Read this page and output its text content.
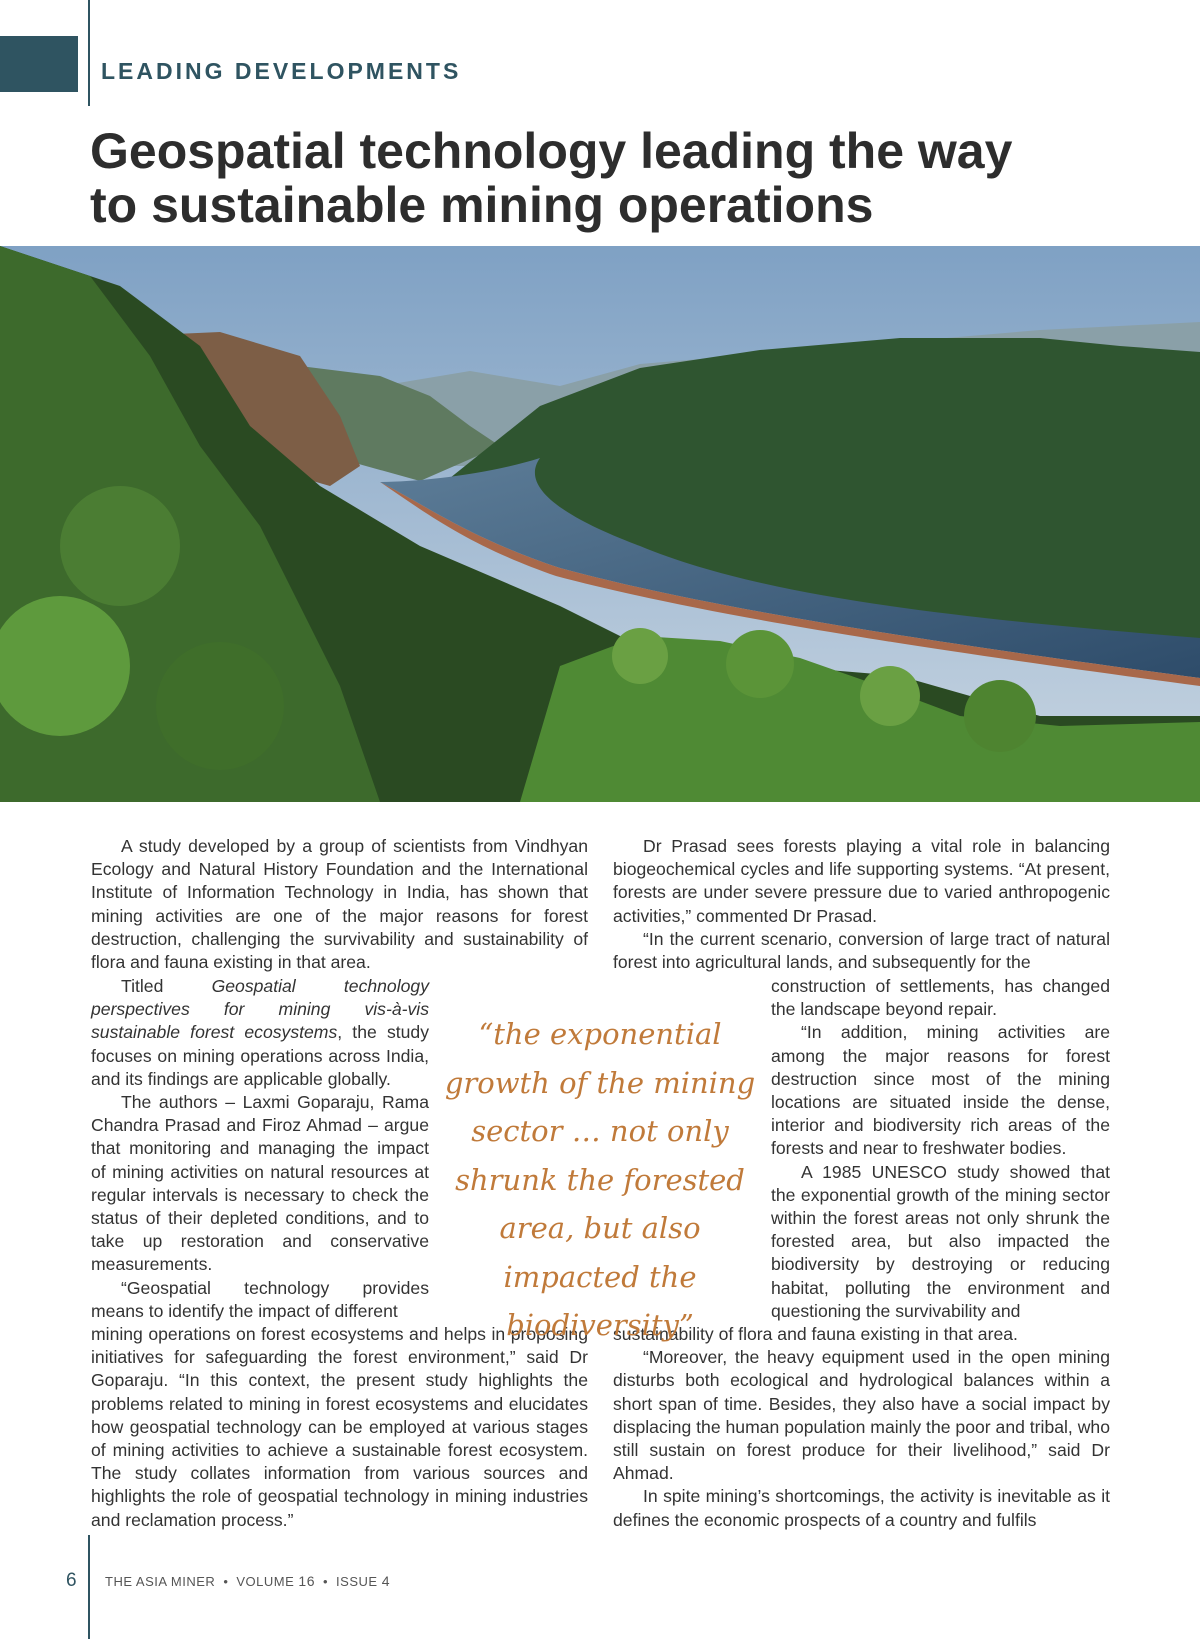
LEADING DEVELOPMENTS
Geospatial technology leading the way
to sustainable mining operations

A study developed by a group of scientists from Vindhyan Ecology and Natural History Foundation and the International Institute of Information Technology in India, has shown that mining activities are one of the major reasons for forest destruction, challenging the survivability and sustainability of flora and fauna existing in that area.

Titled Geospatial technology perspectives for mining vis-à-vis sustainable forest ecosystems, the study focuses on mining operations across India, and its findings are applicable globally.

The authors – Laxmi Goparaju, Rama Chandra Prasad and Firoz Ahmad – argue that monitoring and managing the impact of mining activities on natural resources at regular intervals is necessary to check the status of their depleted conditions, and to take up restoration and conservative measurements.

“Geospatial technology provides means to identify the impact of different

mining operations on forest ecosystems and helps in proposing initiatives for safeguarding the forest environment,” said Dr Goparaju. “In this context, the present study highlights the problems related to mining in forest ecosystems and elucidates how geospatial technology can be employed at various stages of mining activities to achieve a sustainable forest ecosystem. The study collates information from various sources and highlights the role of geospatial technology in mining industries and reclamation process.”

Dr Prasad sees forests playing a vital role in balancing biogeochemical cycles and life supporting systems. “At present, forests are under severe pressure due to varied anthropogenic activities,” commented Dr Prasad.

“In the current scenario, conversion of large tract of natural forest into agricultural lands, and subsequently for the

construction of settlements, has changed the landscape beyond repair.

“In addition, mining activities are among the major reasons for forest destruction since most of the mining locations are situated inside the dense, interior and biodiversity rich areas of the forests and near to freshwater bodies.

A 1985 UNESCO study showed that the exponential growth of the mining sector within the forest areas not only shrunk the forested area, but also impacted the biodiversity by destroying or reducing habitat, polluting the environment and questioning the survivability and

sustainability of flora and fauna existing in that area.

“Moreover, the heavy equipment used in the open mining disturbs both ecological and hydrological balances within a short span of time. Besides, they also have a social impact by displacing the human population mainly the poor and tribal, who still sustain on forest produce for their livelihood,” said Dr Ahmad.

In spite mining’s shortcomings, the activity is inevitable as it defines the economic prospects of a country and fulfils

“the exponential growth of the mining sector … not only shrunk the forested area, but also impacted the biodiversity”

6 THE ASIA MINER • VOLUME 16 • ISSUE 4
